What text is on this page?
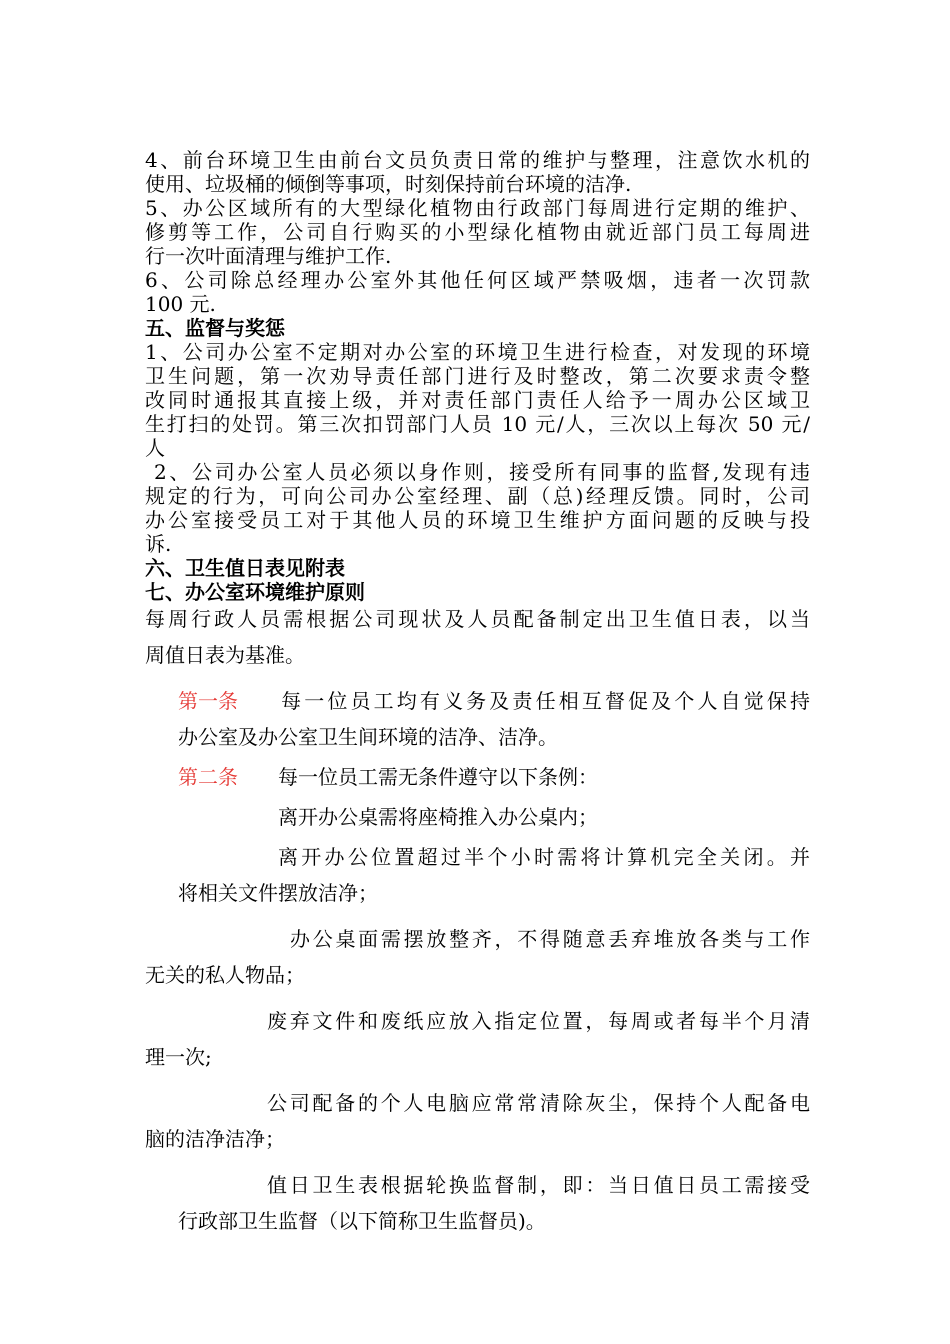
4、前台环境卫生由前台文员负责日常的维护与整理，注意饮水机的
使用、垃圾桶的倾倒等事项，时刻保持前台环境的洁净.
5、办公区域所有的大型绿化植物由行政部门每周进行定期的维护、
修剪等工作，公司自行购买的小型绿化植物由就近部门员工每周进
行一次叶面清理与维护工作.
6、公司除总经理办公室外其他任何区域严禁吸烟，违者一次罚款
100 元.
五、监督与奖惩
1、公司办公室不定期对办公室的环境卫生进行检查，对发现的环境
卫生问题，第一次劝导责任部门进行及时整改，第二次要求责令整
改同时通报其直接上级，并对责任部门责任人给予一周办公区域卫
生打扫的处罚。第三次扣罚部门人员 10 元/人，三次以上每次 50 元/
人
2、公司办公室人员必须以身作则，接受所有同事的监督,发现有违
规定的行为，可向公司办公室经理、副（总)经理反馈。同时，公司
办公室接受员工对于其他人员的环境卫生维护方面问题的反映与投
诉.
六、卫生值日表见附表
七、办公室环境维护原则
每周行政人员需根据公司现状及人员配备制定出卫生值日表，以当
周值日表为基准。
第一条 每一位员工均有义务及责任相互督促及个人自觉保持
办公室及办公室卫生间环境的洁净、洁净。
第二条 每一位员工需无条件遵守以下条例：
离开办公桌需将座椅推入办公桌内；
离开办公位置超过半个小时需将计算机完全关闭。并
将相关文件摆放洁净；
办公桌面需摆放整齐，不得随意丢弃堆放各类与工作
无关的私人物品；
废弃文件和废纸应放入指定位置，每周或者每半个月清
理一次;
公司配备的个人电脑应常常清除灰尘，保持个人配备电
脑的洁净洁净；
值日卫生表根据轮换监督制，即：当日值日员工需接受
行政部卫生监督（以下简称卫生监督员)。
